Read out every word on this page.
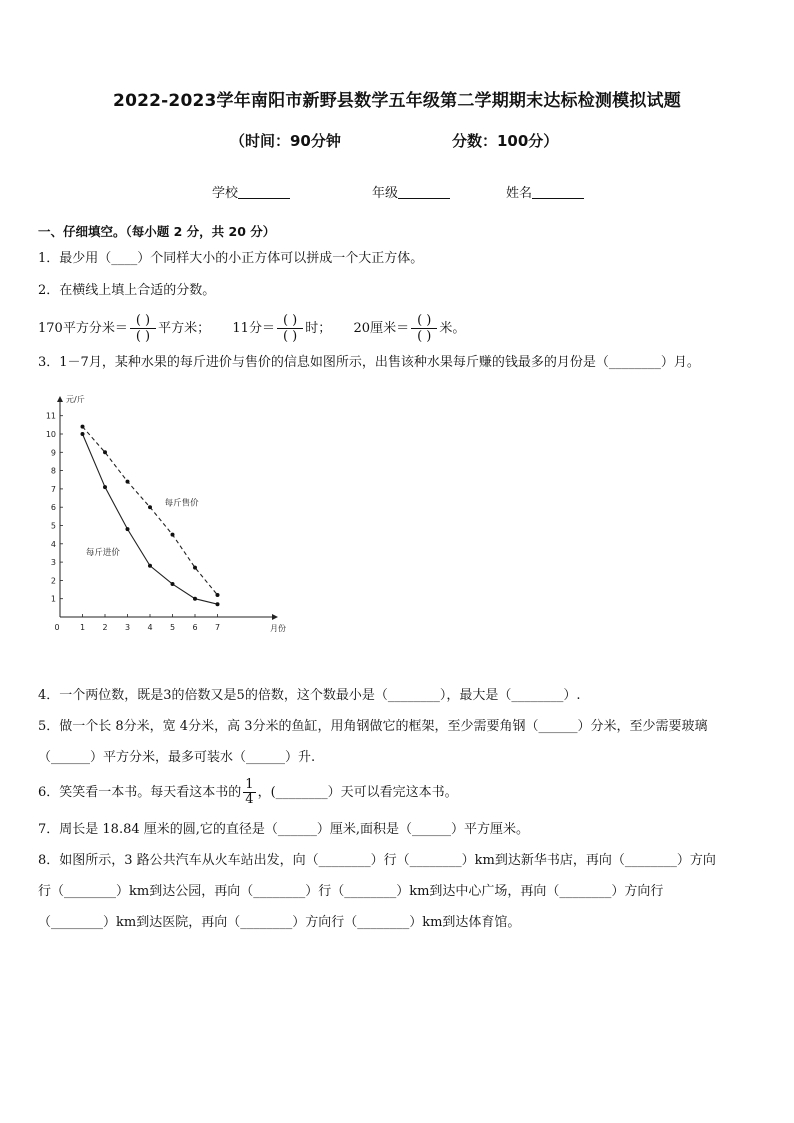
2022-2023学年南阳市新野县数学五年级第二学期期末达标检测模拟试题
（时间：90分钟	分数：100分）
学校	年级	姓名
一、仔细填空。（每小题 2 分，共 20 分）
1．最少用（____）个同样大小的小正方体可以拼成一个大正方体。
2．在横线上填上合适的分数。
170平方分米＝ $\frac{( )}{( )}$ 平方米； 11分＝ $\frac{( )}{( )}$ 时； 20厘米＝ $\frac{( )}{( )}$ 米。
3．1－7月，某种水果的每斤进价与售价的信息如图所示，出售该种水果每斤赚的钱最多的月份是（________）月。
1
2
3
4
5
6
7
8
9
10
11
0	1 2 3 4 5 6 7
元/斤
月份
每斤售价
每斤进价
4．一个两位数，既是3的倍数又是5的倍数，这个数最小是（________），最大是（________）.
5．做一个长 8分米，宽 4分米，高 3分米的鱼缸，用角钢做它的框架，至少需要角钢（______）分米，至少需要玻璃
（______）平方分米，最多可装水（______）升.
6．笑笑看一本书。每天看这本书的 $\frac{1}{4}$ ，(________）天可以看完这本书。
7．周长是 18.84 厘米的圆,它的直径是（______）厘米,面积是（______）平方厘米。
8．如图所示，3 路公共汽车从火车站出发，向（________）行（________）km到达新华书店，再向（________）方向
行（________）km到达公园，再向（________）行（________）km到达中心广场，再向（________）方向行
（________）km到达医院，再向（________）方向行（________）km到达体育馆。
